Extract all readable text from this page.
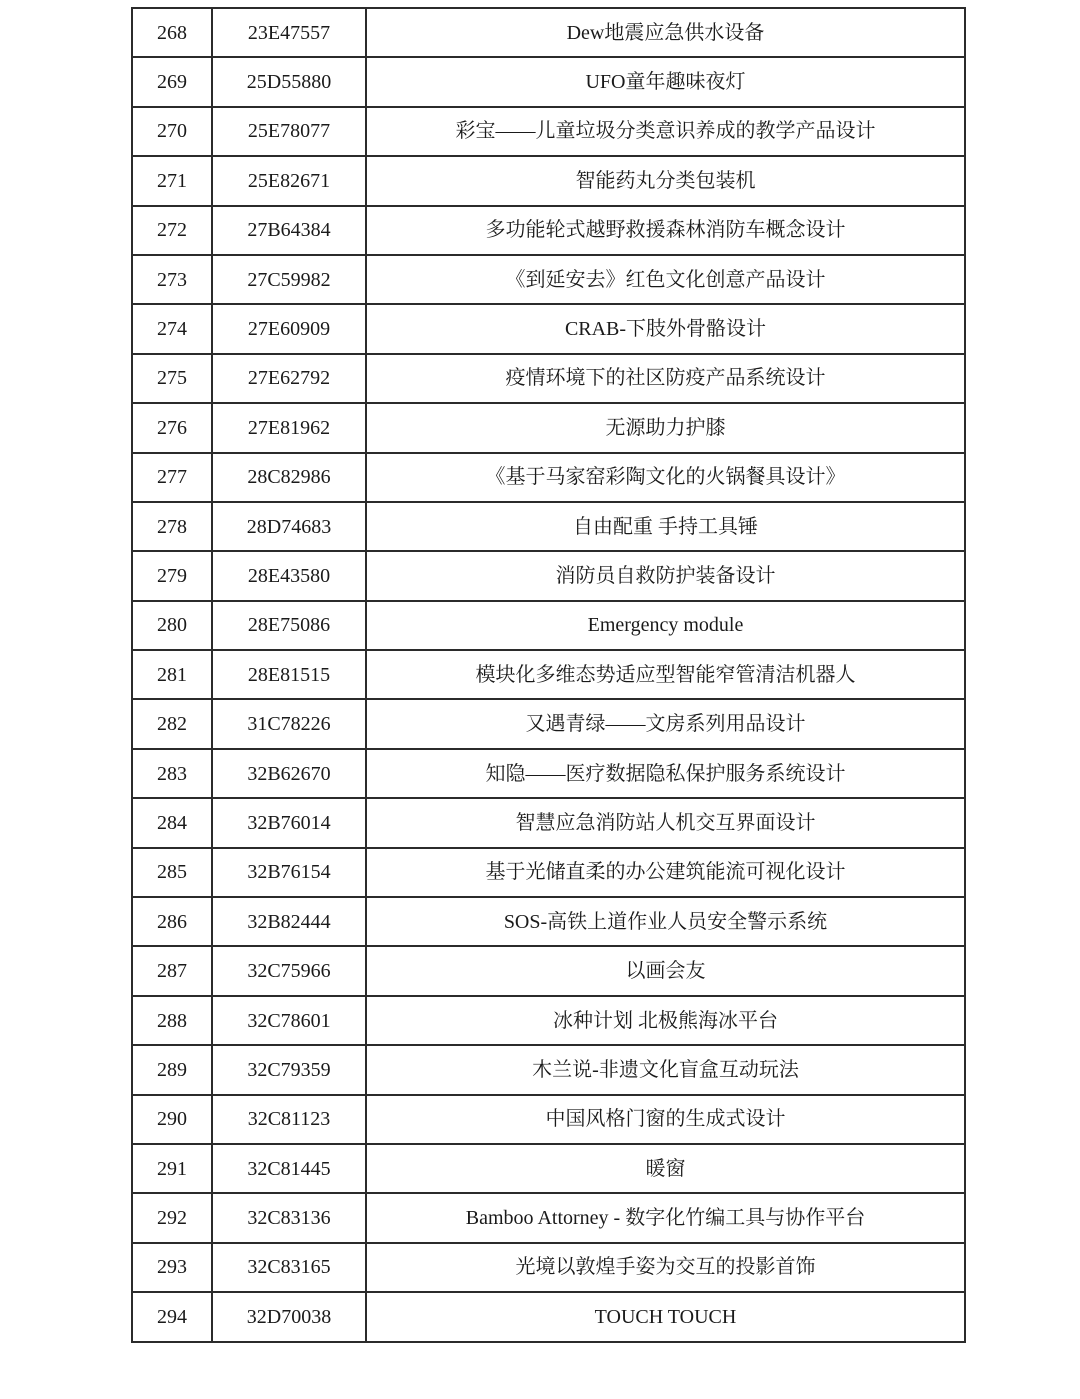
268	23E47557	Dew地震应急供水设备
269	25D55880	UFO童年趣味夜灯
270	25E78077	彩宝——儿童垃圾分类意识养成的教学产品设计
271	25E82671	智能药丸分类包装机
272	27B64384	多功能轮式越野救援森林消防车概念设计
273	27C59982	《到延安去》红色文化创意产品设计
274	27E60909	CRAB-下肢外骨骼设计
275	27E62792	疫情环境下的社区防疫产品系统设计
276	27E81962	无源助力护膝
277	28C82986	《基于马家窑彩陶文化的火锅餐具设计》
278	28D74683	自由配重 手持工具锤
279	28E43580	消防员自救防护装备设计
280	28E75086	Emergency module
281	28E81515	模块化多维态势适应型智能窄管清洁机器人
282	31C78226	又遇青绿——文房系列用品设计
283	32B62670	知隐——医疗数据隐私保护服务系统设计
284	32B76014	智慧应急消防站人机交互界面设计
285	32B76154	基于光储直柔的办公建筑能流可视化设计
286	32B82444	SOS-高铁上道作业人员安全警示系统
287	32C75966	以画会友
288	32C78601	冰种计划 北极熊海冰平台
289	32C79359	木兰说-非遗文化盲盒互动玩法
290	32C81123	中国风格门窗的生成式设计
291	32C81445	暖窗
292	32C83136	Bamboo Attorney - 数字化竹编工具与协作平台
293	32C83165	光境以敦煌手姿为交互的投影首饰
294	32D70038	TOUCH TOUCH
